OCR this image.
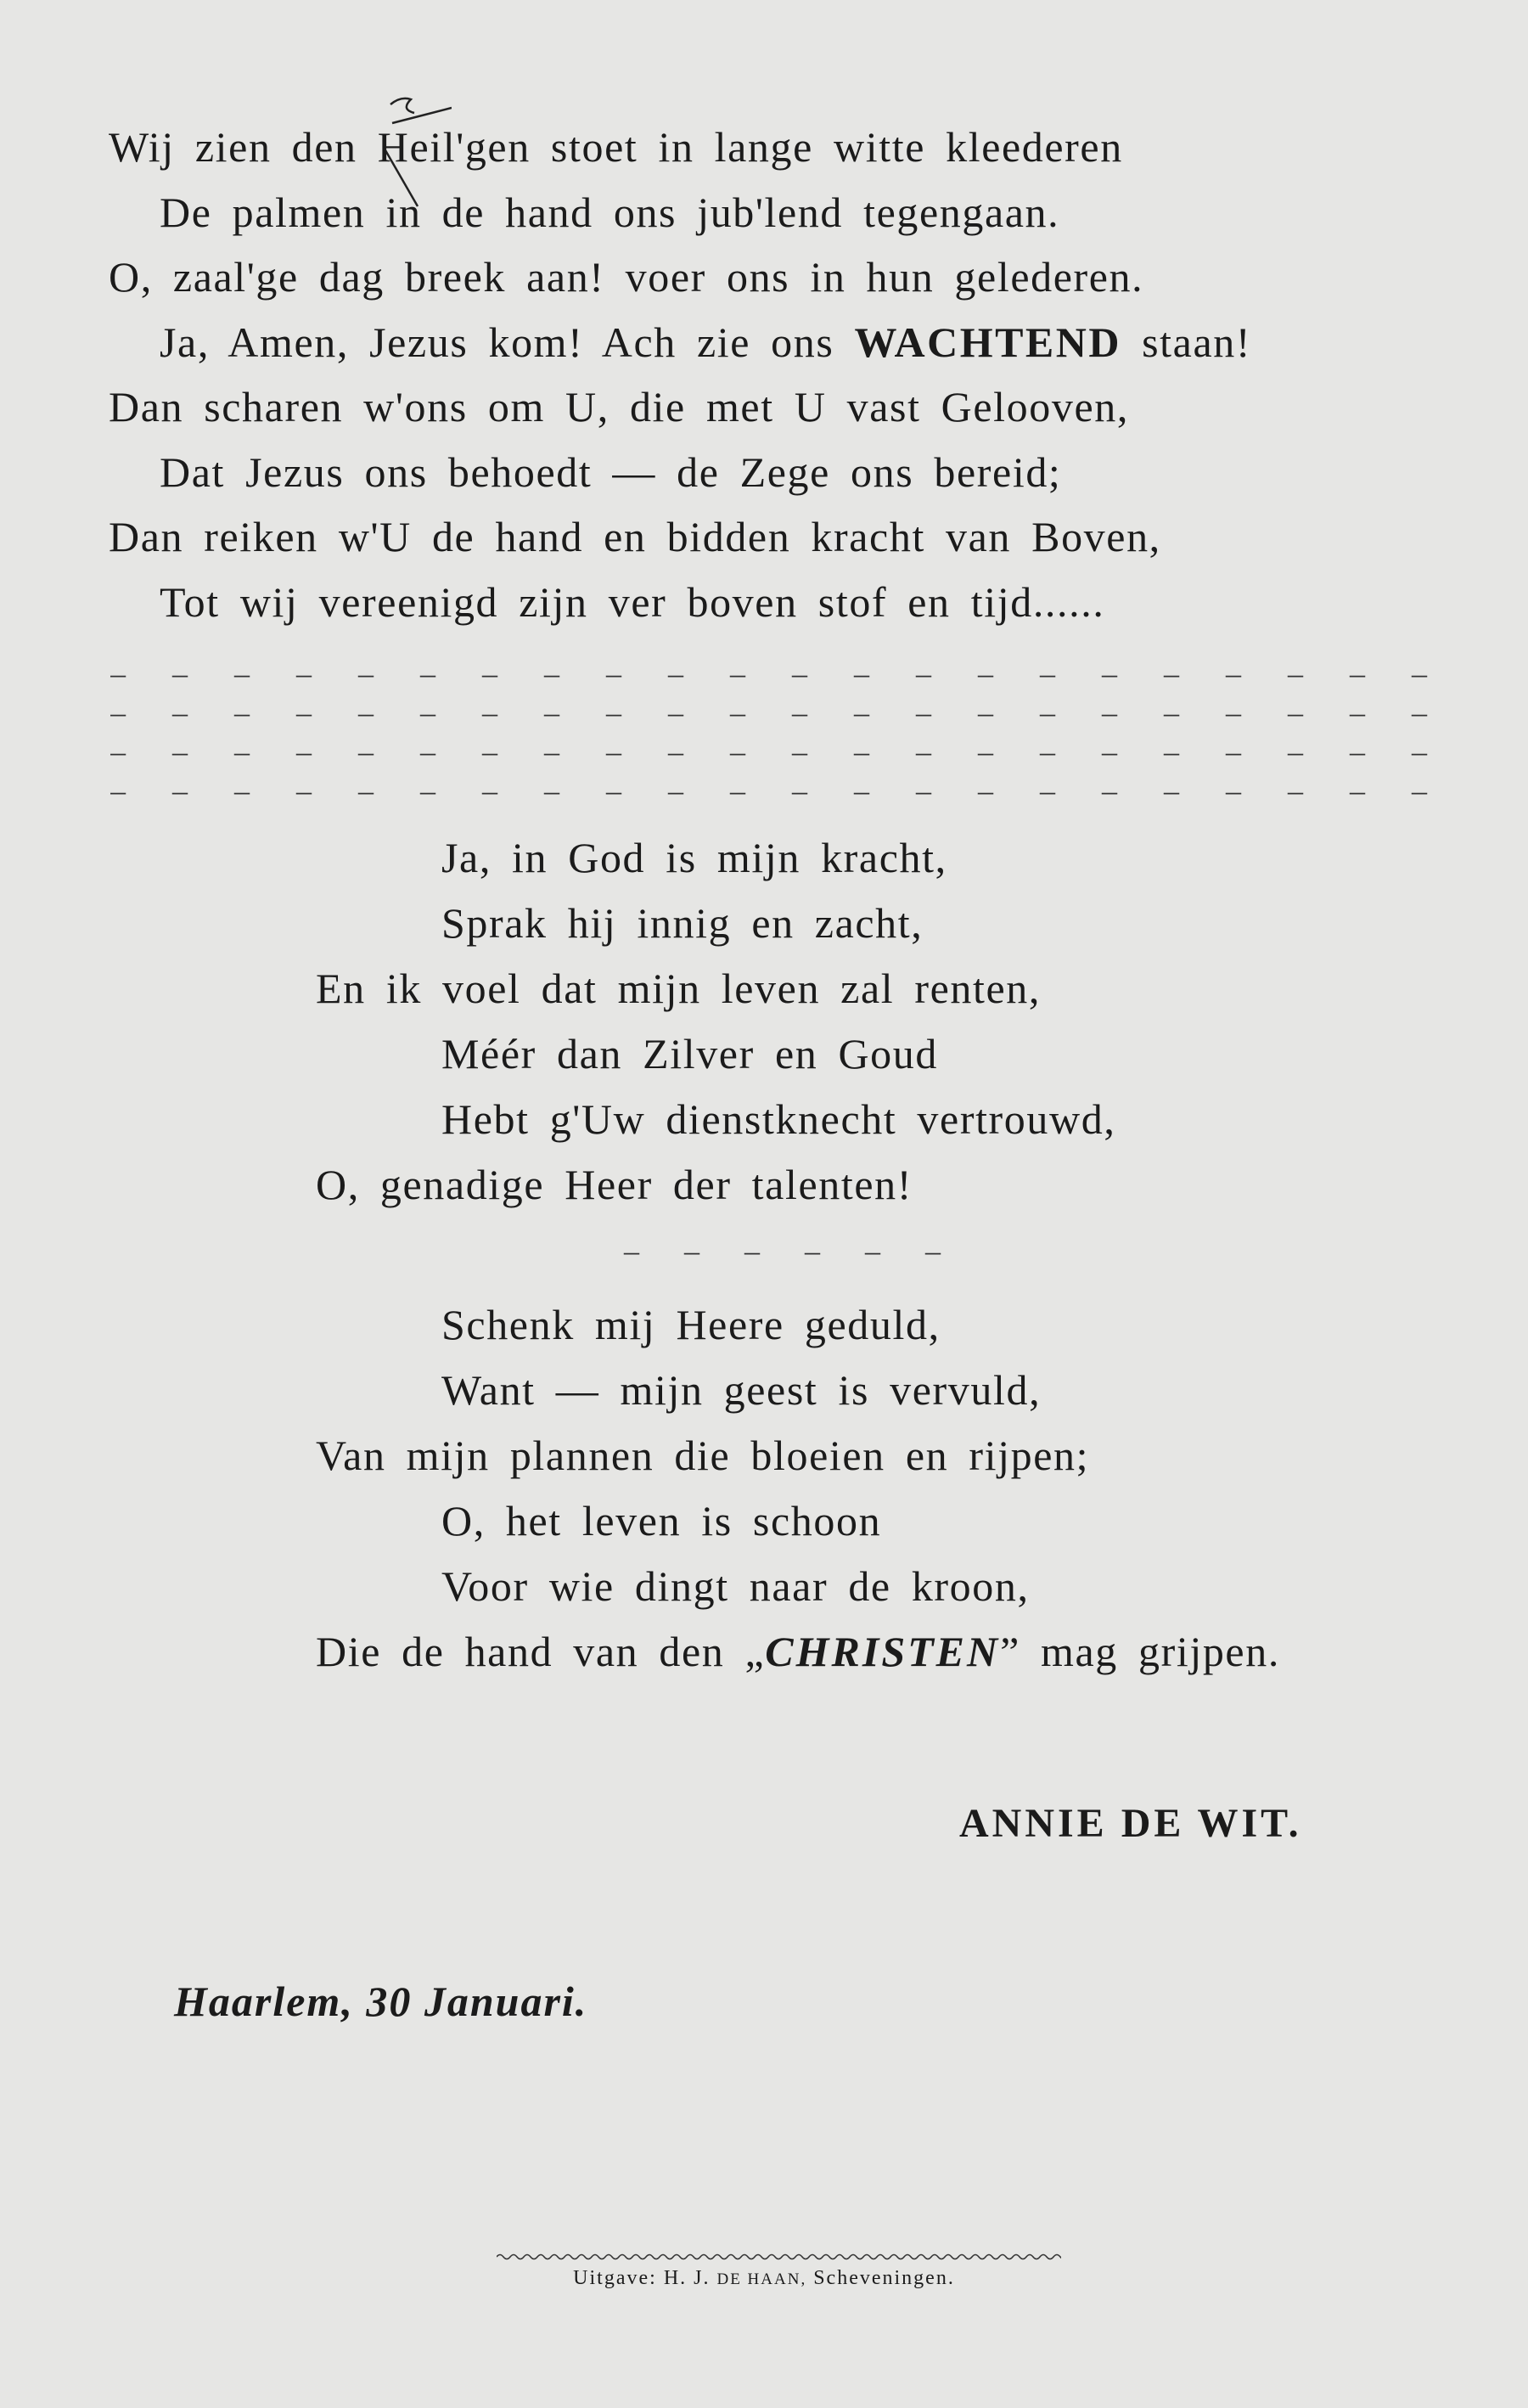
Wij zien den Heil'gen stoet in lange witte kleederen
De palmen in de hand ons jub'lend tegengaan.
O, zaal'ge dag breek aan! voer ons in hun gelederen.
Ja, Amen, Jezus kom! Ach zie ons WACHTEND staan!
Dan scharen w'ons om U, die met U vast Gelooven,
Dat Jezus ons behoedt — de Zege ons bereid;
Dan reiken w'U de hand en bidden kracht van Boven,
Tot wij vereenigd zijn ver boven stof en tijd......
– – – – – – – – – – – – – – – – – – – – – –
– – – – – – – – – – – – – – – – – – – – – –
– – – – – – – – – – – – – – – – – – – – – –
– – – – – – – – – – – – – – – – – – – – – –
Ja, in God is mijn kracht,
Sprak hij innig en zacht,
En ik voel dat mijn leven zal renten,
Méér dan Zilver en Goud
Hebt g'Uw dienstknecht vertrouwd,
O, genadige Heer der talenten!
– – – – – –
Schenk mij Heere geduld,
Want — mijn geest is vervuld,
Van mijn plannen die bloeien en rijpen;
O, het leven is schoon
Voor wie dingt naar de kroon,
Die de hand van den „CHRISTEN” mag grijpen.
ANNIE DE WIT.
Haarlem, 30 Januari.
Uitgave: H. J. DE HAAN, Scheveningen.
